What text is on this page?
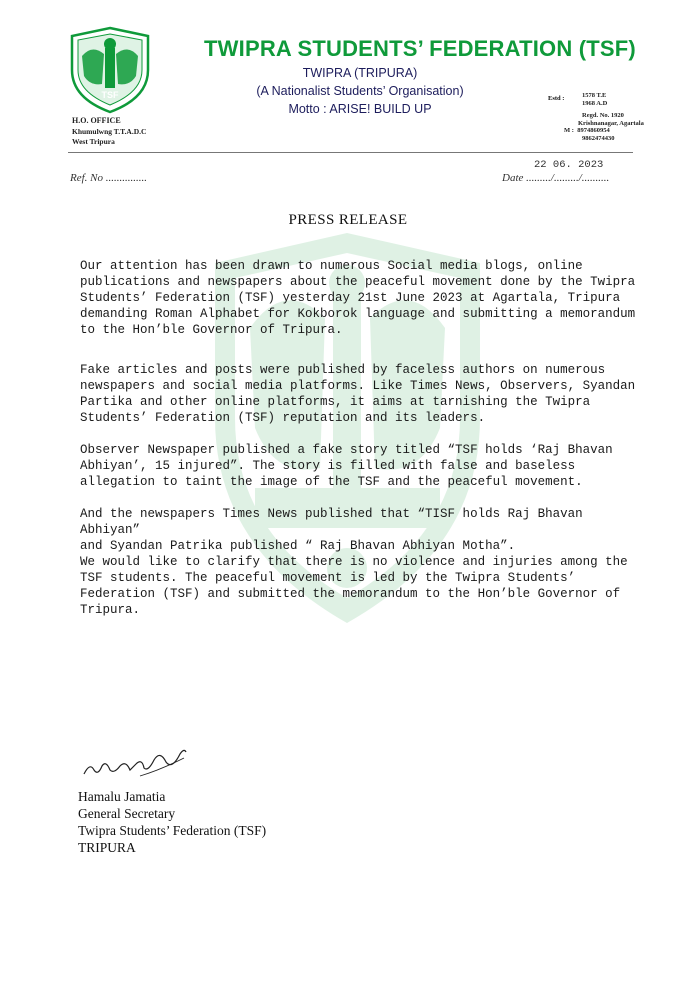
TSF
TWIPRA STUDENTS’ FEDERATION (TSF)
TWIPRA (TRIPURA)
(A Nationalist Students’ Organisation)
Motto : ARISE! BUILD UP
H.O. OFFICE
Khumulwng T.T.A.D.C
West Tripura
Estd :	1578 T.E
1968 A.D
Regd. No. 1920
Krishnanagar, Agartala
M : 8974860954
9862474430
Ref. No ...............
22 06. 2023
Date ........./........./..........
PRESS RELEASE
Our attention has been drawn to numerous Social media blogs, online
publications and newspapers about the peaceful movement done by the Twipra
Students’ Federation (TSF) yesterday 21st June 2023 at Agartala, Tripura
demanding Roman Alphabet for Kokborok language and submitting a memorandum
to the Hon’ble Governor of Tripura.
Fake articles and posts were published by faceless authors on numerous
newspapers and social media platforms. Like Times News, Observers, Syandan
Partika and other online platforms, it aims at tarnishing the Twipra
Students’ Federation (TSF) reputation and its leaders.
Observer Newspaper published a fake story titled “TSF holds ‘Raj Bhavan
Abhiyan’, 15 injured”. The story is filled with false and baseless
allegation to taint the image of the TSF and the peaceful movement.
And the newspapers Times News published that “TISF holds Raj Bhavan Abhiyan”
and Syandan Patrika published “ Raj Bhavan Abhiyan Motha”.
We would like to clarify that there is no violence and injuries among the
TSF students. The peaceful movement is led by the Twipra Students’
Federation (TSF) and submitted the memorandum to the Hon’ble Governor of
Tripura.
Hamalu Jamatia
General Secretary
Twipra Students’ Federation (TSF)
TRIPURA
